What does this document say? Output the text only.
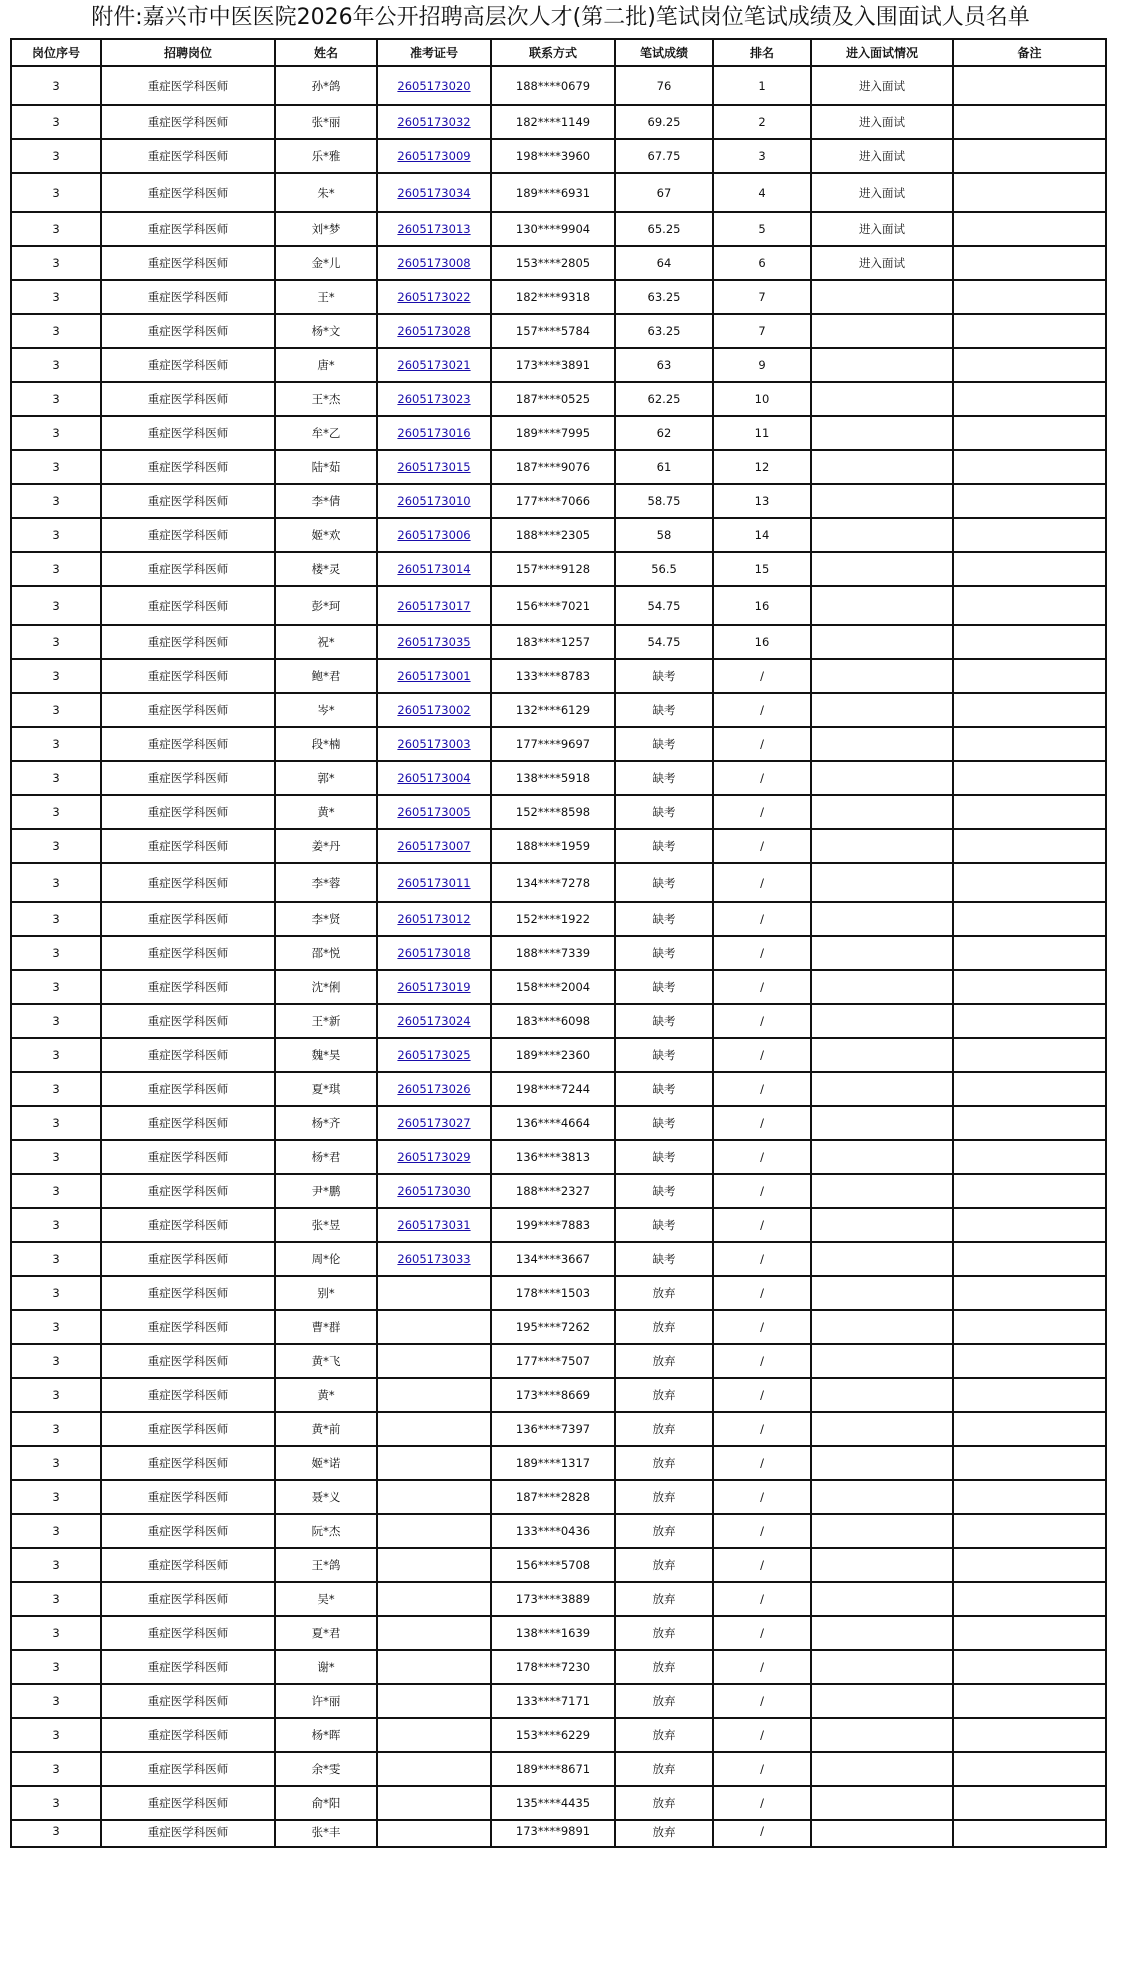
附件:嘉兴市中医医院2026年公开招聘高层次人才(第二批)笔试岗位笔试成绩及入围面试人员名单
岗位序号	招聘岗位	姓名	准考证号	联系方式	笔试成绩	排名	进入面试情况	备注
3	重症医学科医师	孙*鸽	2605173020	188****0679	76	1	进入面试	
3	重症医学科医师	张*丽	2605173032	182****1149	69.25	2	进入面试	
3	重症医学科医师	乐*雅	2605173009	198****3960	67.75	3	进入面试	
3	重症医学科医师	朱*	2605173034	189****6931	67	4	进入面试	
3	重症医学科医师	刘*梦	2605173013	130****9904	65.25	5	进入面试	
3	重症医学科医师	金*儿	2605173008	153****2805	64	6	进入面试	
3	重症医学科医师	王*	2605173022	182****9318	63.25	7		
3	重症医学科医师	杨*文	2605173028	157****5784	63.25	7		
3	重症医学科医师	唐*	2605173021	173****3891	63	9		
3	重症医学科医师	王*杰	2605173023	187****0525	62.25	10		
3	重症医学科医师	牟*乙	2605173016	189****7995	62	11		
3	重症医学科医师	陆*茹	2605173015	187****9076	61	12		
3	重症医学科医师	李*倩	2605173010	177****7066	58.75	13		
3	重症医学科医师	姬*欢	2605173006	188****2305	58	14		
3	重症医学科医师	楼*灵	2605173014	157****9128	56.5	15		
3	重症医学科医师	彭*珂	2605173017	156****7021	54.75	16		
3	重症医学科医师	祝*	2605173035	183****1257	54.75	16		
3	重症医学科医师	鲍*君	2605173001	133****8783	缺考	/		
3	重症医学科医师	岑*	2605173002	132****6129	缺考	/		
3	重症医学科医师	段*楠	2605173003	177****9697	缺考	/		
3	重症医学科医师	郭*	2605173004	138****5918	缺考	/		
3	重症医学科医师	黄*	2605173005	152****8598	缺考	/		
3	重症医学科医师	姜*丹	2605173007	188****1959	缺考	/		
3	重症医学科医师	李*蓉	2605173011	134****7278	缺考	/		
3	重症医学科医师	李*贤	2605173012	152****1922	缺考	/		
3	重症医学科医师	邵*悦	2605173018	188****7339	缺考	/		
3	重症医学科医师	沈*俐	2605173019	158****2004	缺考	/		
3	重症医学科医师	王*新	2605173024	183****6098	缺考	/		
3	重症医学科医师	魏*昊	2605173025	189****2360	缺考	/		
3	重症医学科医师	夏*琪	2605173026	198****7244	缺考	/		
3	重症医学科医师	杨*齐	2605173027	136****4664	缺考	/		
3	重症医学科医师	杨*君	2605173029	136****3813	缺考	/		
3	重症医学科医师	尹*鹏	2605173030	188****2327	缺考	/		
3	重症医学科医师	张*昱	2605173031	199****7883	缺考	/		
3	重症医学科医师	周*伦	2605173033	134****3667	缺考	/		
3	重症医学科医师	别*		178****1503	放弃	/		
3	重症医学科医师	曹*群		195****7262	放弃	/		
3	重症医学科医师	黄*飞		177****7507	放弃	/		
3	重症医学科医师	黄*		173****8669	放弃	/		
3	重症医学科医师	黄*前		136****7397	放弃	/		
3	重症医学科医师	姬*诺		189****1317	放弃	/		
3	重症医学科医师	聂*义		187****2828	放弃	/		
3	重症医学科医师	阮*杰		133****0436	放弃	/		
3	重症医学科医师	王*鸽		156****5708	放弃	/		
3	重症医学科医师	吴*		173****3889	放弃	/		
3	重症医学科医师	夏*君		138****1639	放弃	/		
3	重症医学科医师	谢*		178****7230	放弃	/		
3	重症医学科医师	许*丽		133****7171	放弃	/		
3	重症医学科医师	杨*晖		153****6229	放弃	/		
3	重症医学科医师	余*雯		189****8671	放弃	/		
3	重症医学科医师	俞*阳		135****4435	放弃	/		
3	重症医学科医师	张*丰		173****9891	放弃	/		
